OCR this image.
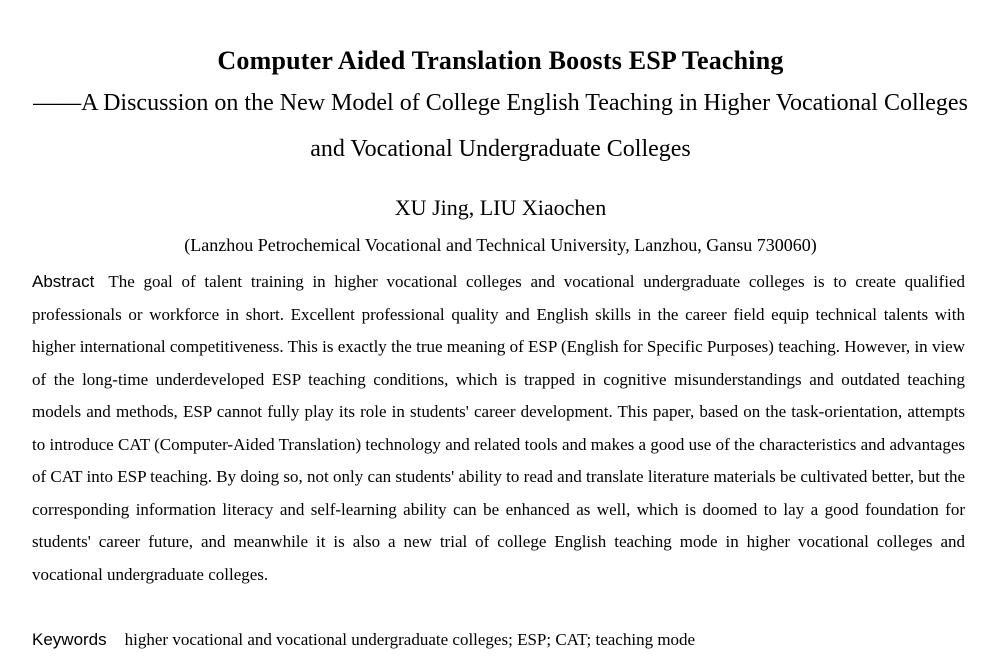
Computer Aided Translation Boosts ESP Teaching
——A Discussion on the New Model of College English Teaching in Higher Vocational Colleges and Vocational Undergraduate Colleges
XU Jing, LIU Xiaochen
(Lanzhou Petrochemical Vocational and Technical University, Lanzhou, Gansu 730060)

Abstract The goal of talent training in higher vocational colleges and vocational undergraduate colleges is to create qualified professionals or workforce in short. Excellent professional quality and English skills in the career field equip technical talents with higher international competitiveness. This is exactly the true meaning of ESP (English for Specific Purposes) teaching. However, in view of the long-time underdeveloped ESP teaching conditions, which is trapped in cognitive misunderstandings and outdated teaching models and methods, ESP cannot fully play its role in students' career development. This paper, based on the task-orientation, attempts to introduce CAT (Computer-Aided Translation) technology and related tools and makes a good use of the characteristics and advantages of CAT into ESP teaching. By doing so, not only can students' ability to read and translate literature materials be cultivated better, but the corresponding information literacy and self-learning ability can be enhanced as well, which is doomed to lay a good foundation for students' career future, and meanwhile it is also a new trial of college English teaching mode in higher vocational colleges and vocational undergraduate colleges.

Keywords higher vocational and vocational undergraduate colleges; ESP; CAT; teaching mode
